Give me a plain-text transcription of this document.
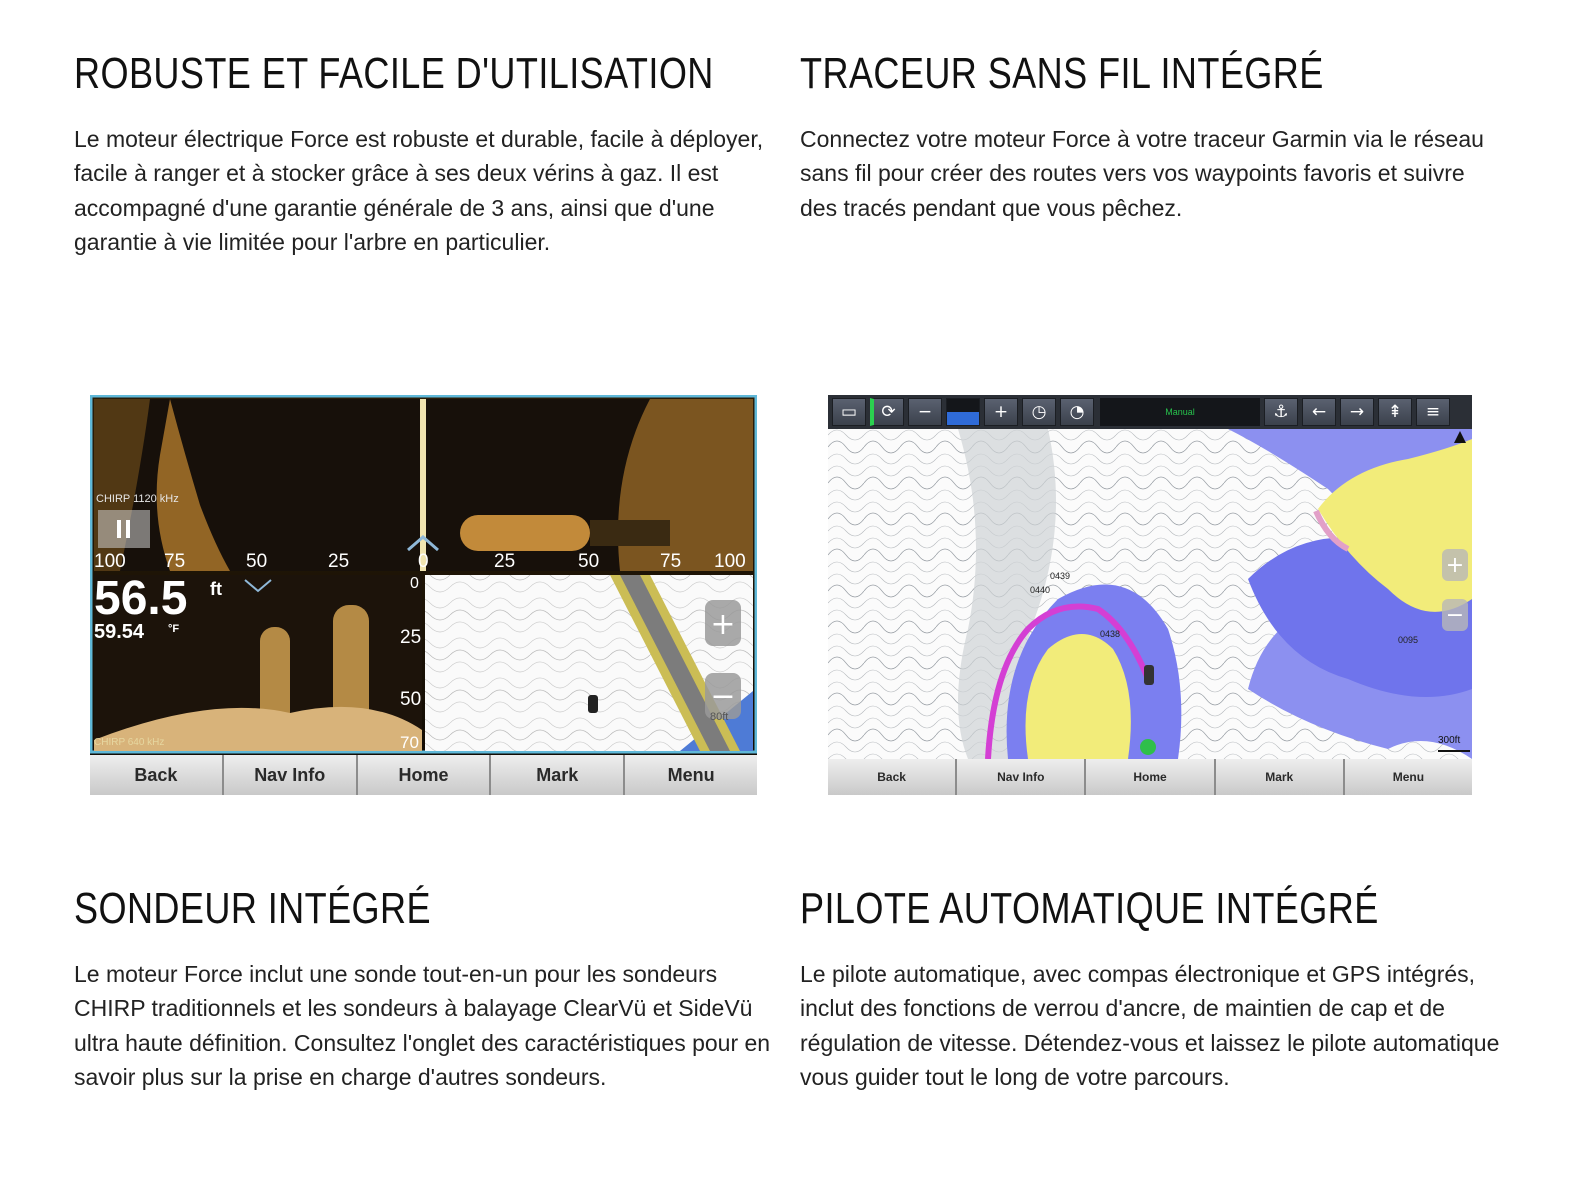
ROBUSTE ET FACILE D'UTILISATION

Le moteur électrique Force est robuste et durable, facile à déployer, facile à ranger et à stocker grâce à ses deux vérins à gaz. Il est accompagné d'une garantie générale de 3 ans, ainsi que d'une garantie à vie limitée pour l'arbre en particulier.

TRACEUR SANS FIL INTÉGRÉ

Connectez votre moteur Force à votre traceur Garmin via le réseau sans fil pour créer des routes vers vos waypoints favoris et suivre des tracés pendant que vous pêchez.

+
−
CHIRP 1120 kHz
100 75	50	25	0	25	50	75 100
56.5 ft
59.54 °F
0
25
50
70
CHIRP 640 kHz
80ft
Back	Nav Info	Home	Mark	Menu
▭	⟳	−	+	◷	◔	Manual	⚓	←	→	⇞	≡
+
−
0439
0440
0438
0095
300ft
Back	Nav Info	Home	Mark	Menu
SONDEUR INTÉGRÉ

Le moteur Force inclut une sonde tout-en-un pour les sondeurs CHIRP traditionnels et les sondeurs à balayage ClearVü et SideVü ultra haute définition. Consultez l'onglet des caractéristiques pour en savoir plus sur la prise en charge d'autres sondeurs.

PILOTE AUTOMATIQUE INTÉGRÉ

Le pilote automatique, avec compas électronique et GPS intégrés, inclut des fonctions de verrou d'ancre, de maintien de cap et de régulation de vitesse. Détendez-vous et laissez le pilote automatique vous guider tout le long de votre parcours.
